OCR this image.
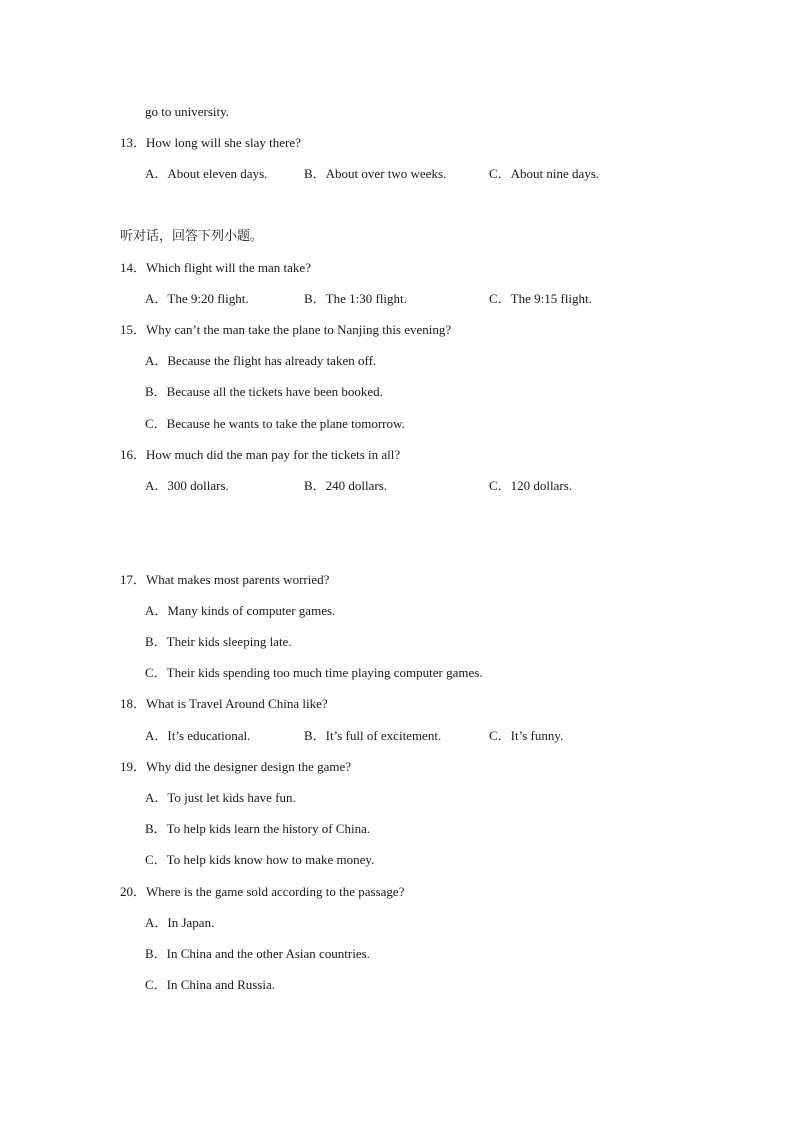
go to university.
13．How long will she slay there?
A．About eleven days.	B．About over two weeks.	C．About nine days.
听对话，回答下列小题。
14．Which flight will the man take?
A．The 9:20 flight.	B．The 1:30 flight.	C．The 9:15 flight.
15．Why can’t the man take the plane to Nanjing this evening?
A．Because the flight has already taken off.
B．Because all the tickets have been booked.
C．Because he wants to take the plane tomorrow.
16．How much did the man pay for the tickets in all?
A．300 dollars.	B．240 dollars.	C．120 dollars.
17．What makes most parents worried?
A．Many kinds of computer games.
B．Their kids sleeping late.
C．Their kids spending too much time playing computer games.
18．What is Travel Around China like?
A．It’s educational.	B．It’s full of excitement.	C．It’s funny.
19．Why did the designer design the game?
A．To just let kids have fun.
B．To help kids learn the history of China.
C．To help kids know how to make money.
20．Where is the game sold according to the passage?
A．In Japan.
B．In China and the other Asian countries.
C．In China and Russia.
